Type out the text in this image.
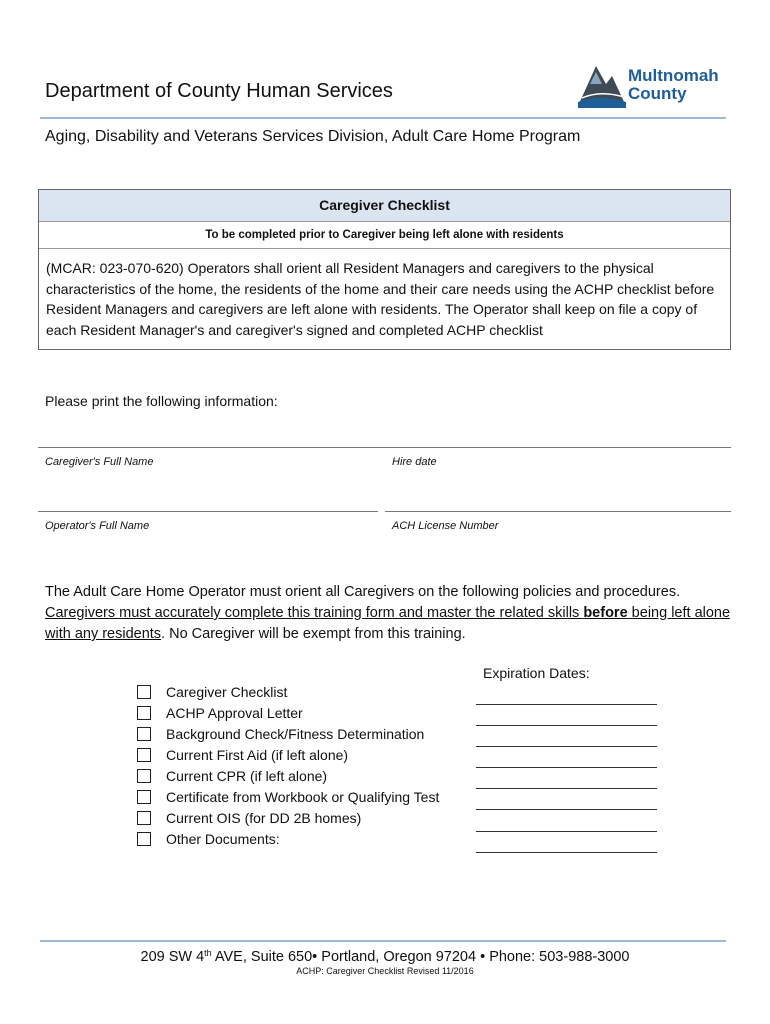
Department of County Human Services
Multnomah
County
Aging, Disability and Veterans Services Division, Adult Care Home Program
Caregiver Checklist
To be completed prior to Caregiver being left alone with residents
(MCAR: 023-070-620) Operators shall orient all Resident Managers and caregivers to the physical characteristics of the home, the residents of the home and their care needs using the ACHP checklist before Resident Managers and caregivers are left alone with residents. The Operator shall keep on file a copy of each Resident Manager's and caregiver's signed and completed ACHP checklist
Please print the following information:
Caregiver's Full Name	Hire date
Operator's Full Name	ACH License Number
The Adult Care Home Operator must orient all Caregivers on the following policies and procedures.
Caregivers must accurately complete this training form and master the related skills before being left alone with any residents. No Caregiver will be exempt from this training.
Expiration Dates:
Caregiver Checklist
ACHP Approval Letter
Background Check/Fitness Determination
Current First Aid (if left alone)
Current CPR (if left alone)
Certificate from Workbook or Qualifying Test
Current OIS (for DD 2B homes)
Other Documents:
209 SW 4th AVE, Suite 650• Portland, Oregon 97204 • Phone: 503-988-3000
ACHP: Caregiver Checklist Revised 11/2016
